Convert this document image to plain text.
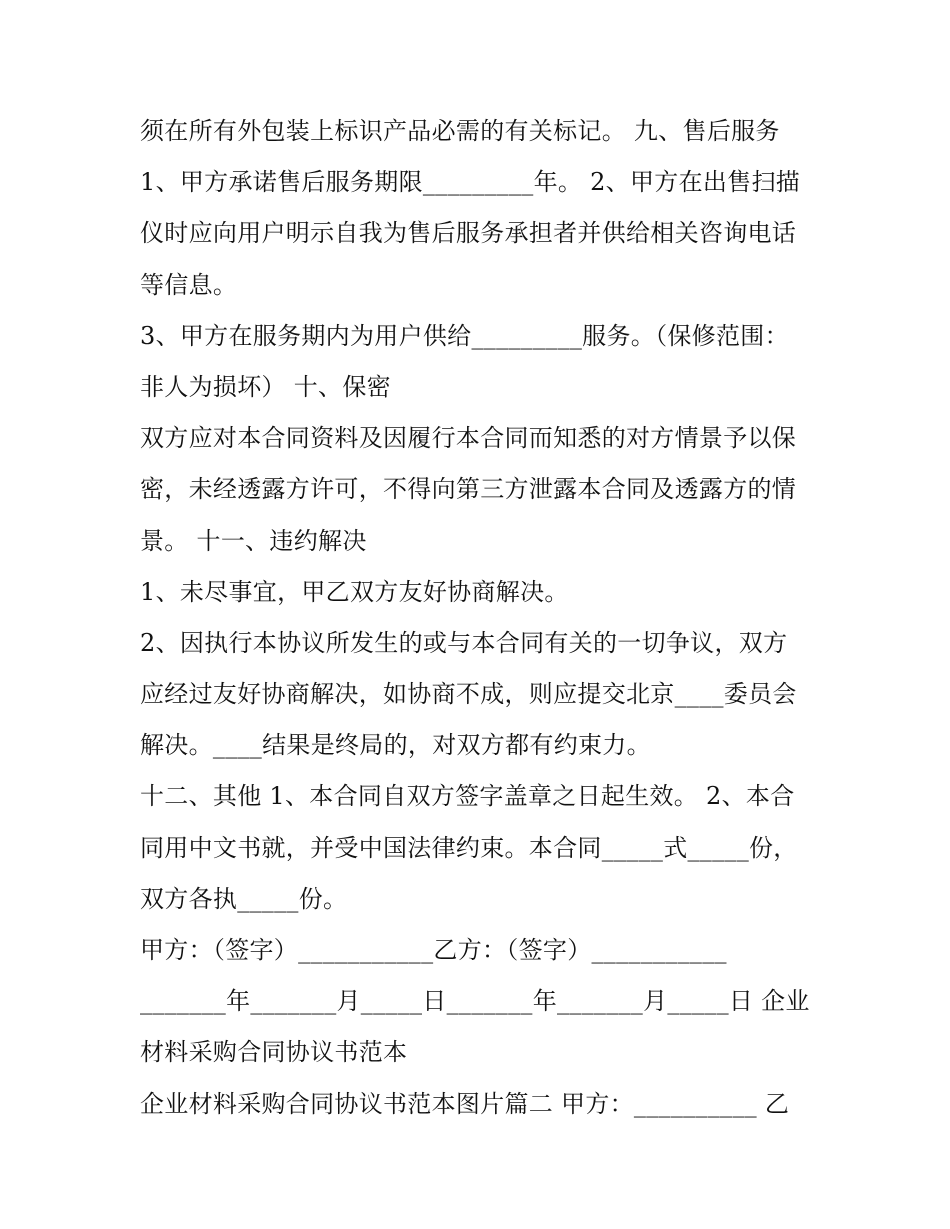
须在所有外包装上标识产品必需的有关标记。 九、售后服务
1、甲方承诺售后服务期限_________年。 2、甲方在出售扫描
仪时应向用户明示自我为售后服务承担者并供给相关咨询电话
等信息。
3、甲方在服务期内为用户供给_________服务。（保修范围：
非人为损坏） 十、保密
双方应对本合同资料及因履行本合同而知悉的对方情景予以保
密，未经透露方许可，不得向第三方泄露本合同及透露方的情
景。 十一、违约解决
1、未尽事宜，甲乙双方友好协商解决。
2、因执行本协议所发生的或与本合同有关的一切争议，双方
应经过友好协商解决，如协商不成，则应提交北京____委员会
解决。____结果是终局的，对双方都有约束力。
十二、其他 1、本合同自双方签字盖章之日起生效。 2、本合
同用中文书就，并受中国法律约束。本合同_____式_____份，
双方各执_____份。
甲方：（签字）___________乙方：（签字）___________
_______年_______月_____日_______年_______月_____日 企业
材料采购合同协议书范本
企业材料采购合同协议书范本图片篇二 甲方：__________ 乙
